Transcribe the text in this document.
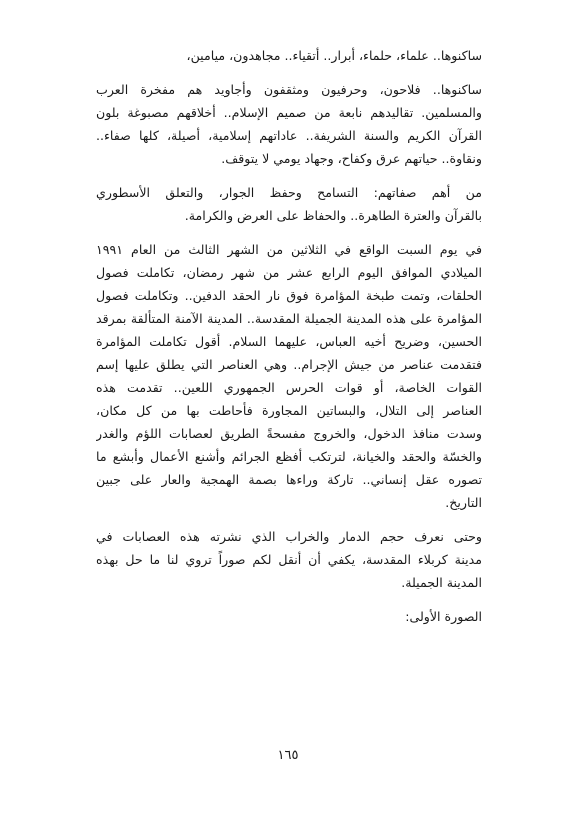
ساكنوها.. علماء، حلماء، أبرار.. أتقياء.. مجاهدون، ميامين،
ساكنوها.. فلاحون، وحرفيون ومثقفون وأجاويد هم مفخرة العرب
والمسلمين. تقاليدهم نابعة من صميم الإسلام.. أخلاقهم مصبوغة بلون
القرآن الكريم والسنة الشريفة.. عاداتهم إسلامية، أصيلة، كلها صفاء..
ونقاوة.. حياتهم عرق وكفاح، وجهاد يومي لا يتوقف.
من أهم صفاتهم: التسامح وحفظ الجوار، والتعلق الأسطوري
بالقرآن والعترة الطاهرة.. والحفاظ على العرض والكرامة.
في يوم السبت الواقع في الثلاثين من الشهر الثالث من العام ١٩٩١
الميلادي الموافق اليوم الرابع عشر من شهر رمضان، تكاملت فصول
الحلقات، وتمت طبخة المؤامرة فوق نار الحقد الدفين.. وتكاملت فصول
المؤامرة على هذه المدينة الجميلة المقدسة.. المدينة الآمنة المتألقة بمرقد
الحسين، وضريح أخيه العباس، عليهما السلام. أقول تكاملت المؤامرة
فتقدمت عناصر من جيش الإجرام.. وهي العناصر التي يطلق عليها إسم
القوات الخاصة، أو قوات الحرس الجمهوري اللعين.. تقدمت هذه
العناصر إلى التلال، والبساتين المجاورة فأحاطت بها من كل مكان،
وسدت منافذ الدخول، والخروج مفسحةً الطريق لعصابات اللؤم والغدر
والخسّة والحقد والخيانة، لترتكب أفظع الجرائم وأشنع الأعمال وأبشع ما
تصوره عقل إنساني.. تاركة وراءها بصمة الهمجية والعار على جبين
التاريخ.
وحتى نعرف حجم الدمار والخراب الذي نشرته هذه العصابات في
مدينة كربلاء المقدسة، يكفي أن أنقل لكم صوراً تروي لنا ما حل بهذه
المدينة الجميلة.
الصورة الأولى:
١٦٥
